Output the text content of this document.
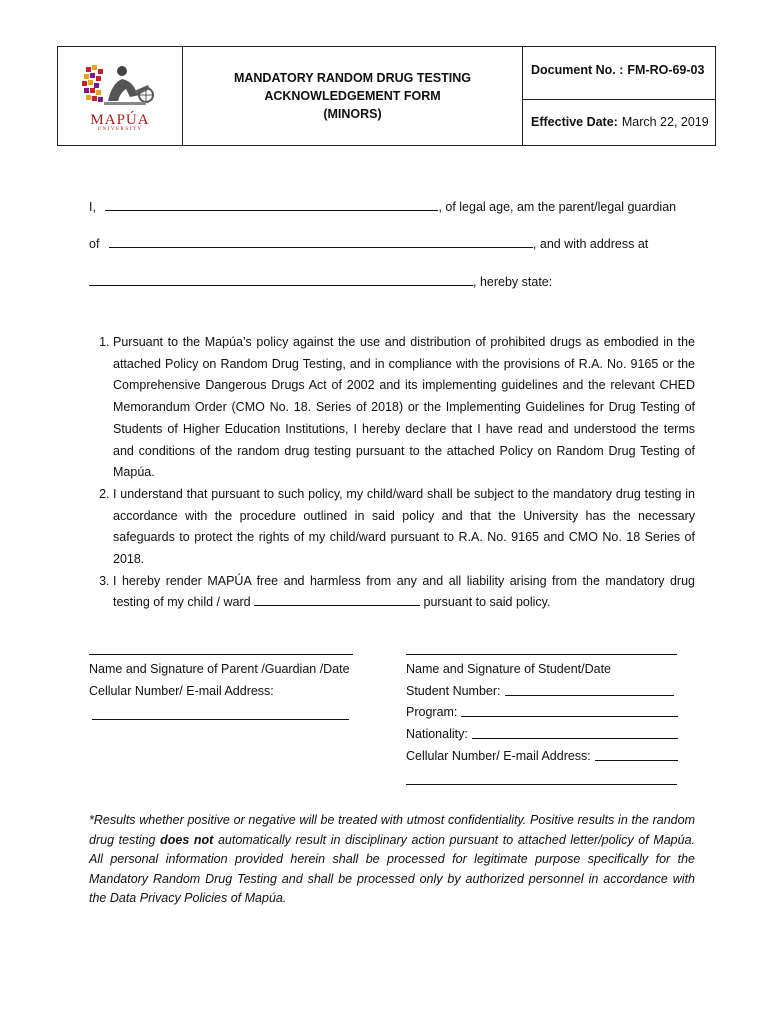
MAPÚA
UNIVERSITY
MANDATORY RANDOM DRUG TESTING
ACKNOWLEDGEMENT FORM
(MINORS)
Document No. : FM-RO-69-03
Effective Date: March 22, 2019
I,	, of legal age, am the parent/legal guardian
of	, and with address at
, hereby state:
1. Pursuant to the Mapúa’s policy against the use and distribution of prohibited drugs as embodied in the attached Policy on Random Drug Testing, and in compliance with the provisions of R.A. No. 9165 or the Comprehensive Dangerous Drugs Act of 2002 and its implementing guidelines and the relevant CHED Memorandum Order (CMO No. 18. Series of 2018) or the Implementing Guidelines for Drug Testing of Students of Higher Education Institutions, I hereby declare that I have read and understood the terms and conditions of the random drug testing pursuant to the attached Policy on Random Drug Testing of Mapúa.
2. I understand that pursuant to such policy, my child/ward shall be subject to the mandatory drug testing in accordance with the procedure outlined in said policy and that the University has the necessary safeguards to protect the rights of my child/ward pursuant to R.A. No. 9165 and CMO No. 18 Series of 2018.
3. I hereby render MAPÚA free and harmless from any and all liability arising from the mandatory drug testing of my child / ward	pursuant to said policy.
Name and Signature of Parent /Guardian /Date
Cellular Number/ E-mail Address:
Name and Signature of Student/Date
Student Number:
Program:
Nationality:
Cellular Number/ E-mail Address:
*Results whether positive or negative will be treated with utmost confidentiality. Positive results in the random drug testing does not automatically result in disciplinary action pursuant to attached letter/policy of Mapúa. All personal information provided herein shall be processed for legitimate purpose specifically for the Mandatory Random Drug Testing and shall be processed only by authorized personnel in accordance with the Data Privacy Policies of Mapúa.
